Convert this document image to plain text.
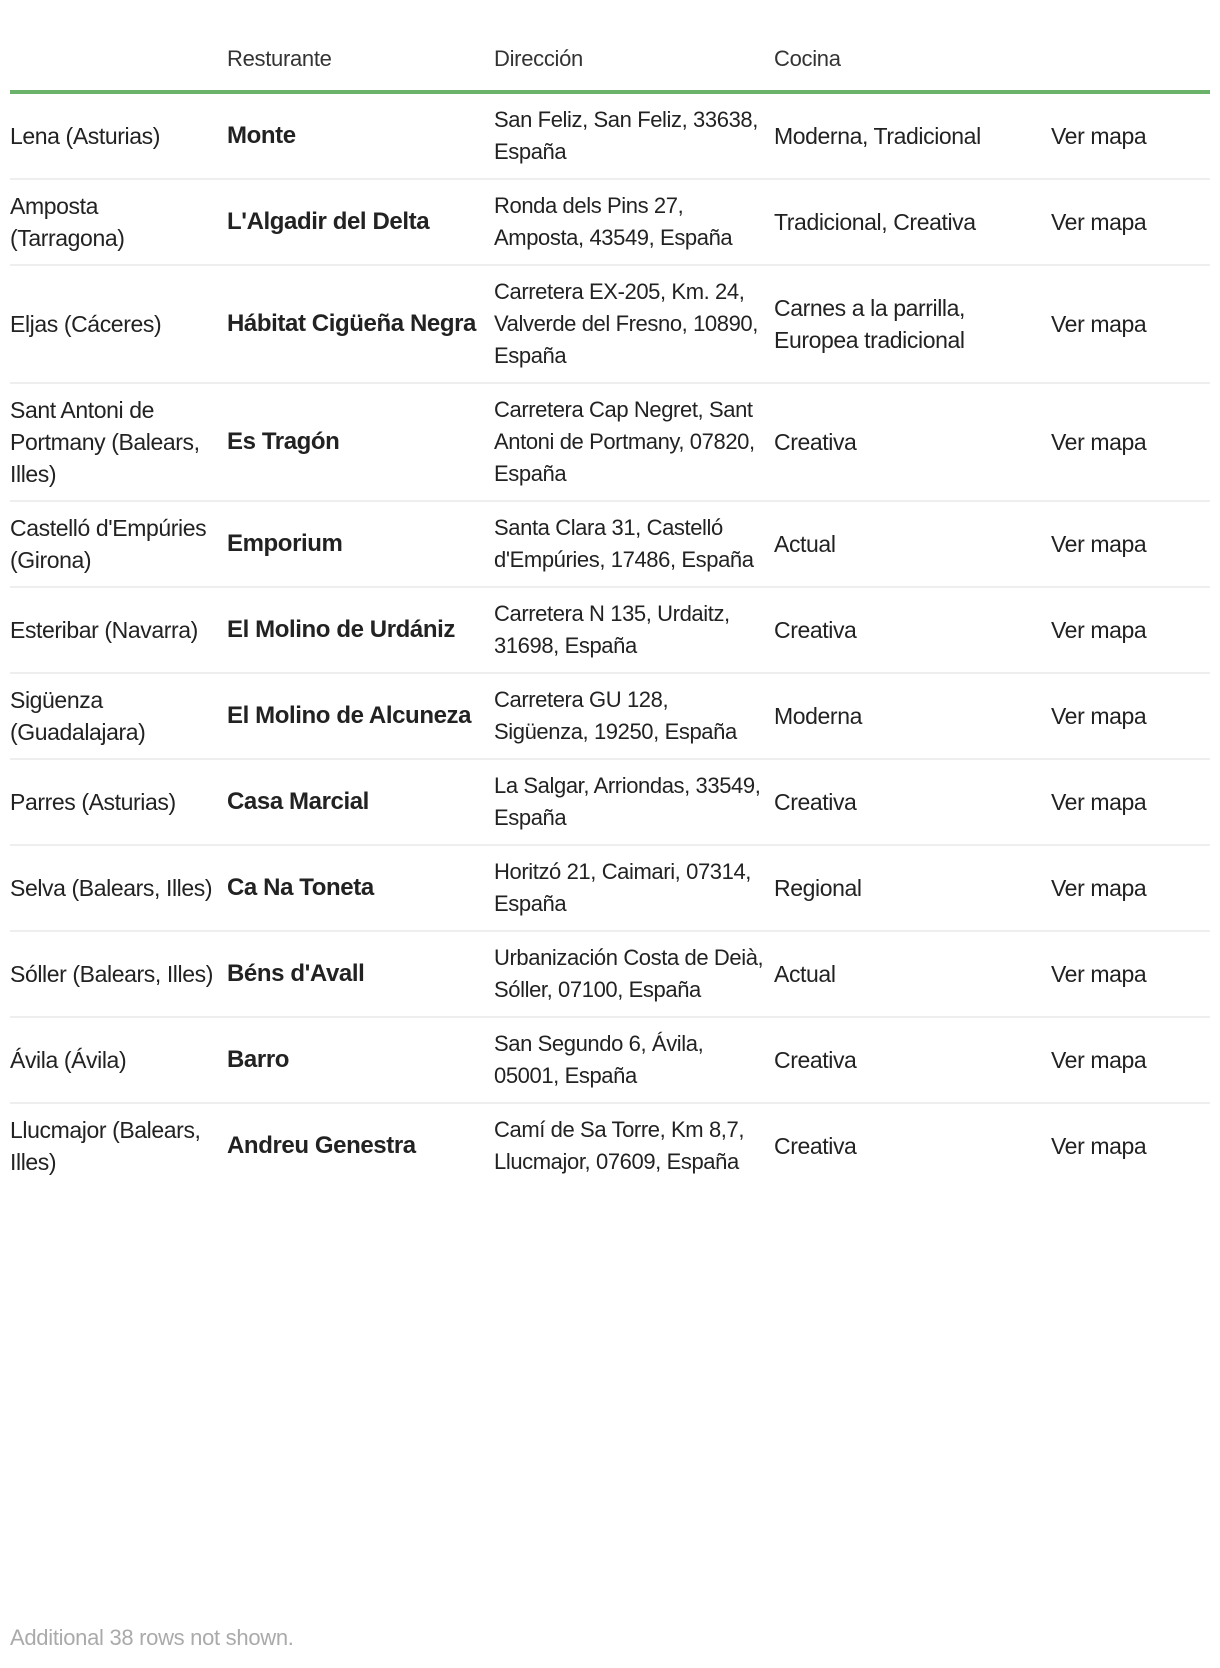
	Resturante	Dirección	Cocina	
Lena (Asturias)	Monte	San Feliz, San Feliz, 33638, España	Moderna, Tradicional	Ver mapa
Amposta (Tarragona)	L'Algadir del Delta	Ronda dels Pins 27, Amposta, 43549, España	Tradicional, Creativa	Ver mapa
Eljas (Cáceres)	Hábitat Cigüeña Negra	Carretera EX-205, Km. 24, Valverde del Fresno, 10890, España	Carnes a la parrilla, Europea tradicional	Ver mapa
Sant Antoni de Portmany (Balears, Illes)	Es Tragón	Carretera Cap Negret, Sant Antoni de Portmany, 07820, España	Creativa	Ver mapa
Castelló d'Empúries (Girona)	Emporium	Santa Clara 31, Castelló d'Empúries, 17486, España	Actual	Ver mapa
Esteribar (Navarra)	El Molino de Urdániz	Carretera N 135, Urdaitz, 31698, España	Creativa	Ver mapa
Sigüenza (Guadalajara)	El Molino de Alcuneza	Carretera GU 128, Sigüenza, 19250, España	Moderna	Ver mapa
Parres (Asturias)	Casa Marcial	La Salgar, Arriondas, 33549, España	Creativa	Ver mapa
Selva (Balears, Illes)	Ca Na Toneta	Horitzó 21, Caimari, 07314, España	Regional	Ver mapa
Sóller (Balears, Illes)	Béns d'Avall	Urbanización Costa de Deià, Sóller, 07100, España	Actual	Ver mapa
Ávila (Ávila)	Barro	San Segundo 6, Ávila, 05001, España	Creativa	Ver mapa
Llucmajor (Balears, Illes)	Andreu Genestra	Camí de Sa Torre, Km 8,7, Llucmajor, 07609, España	Creativa	Ver mapa
Additional 38 rows not shown.
